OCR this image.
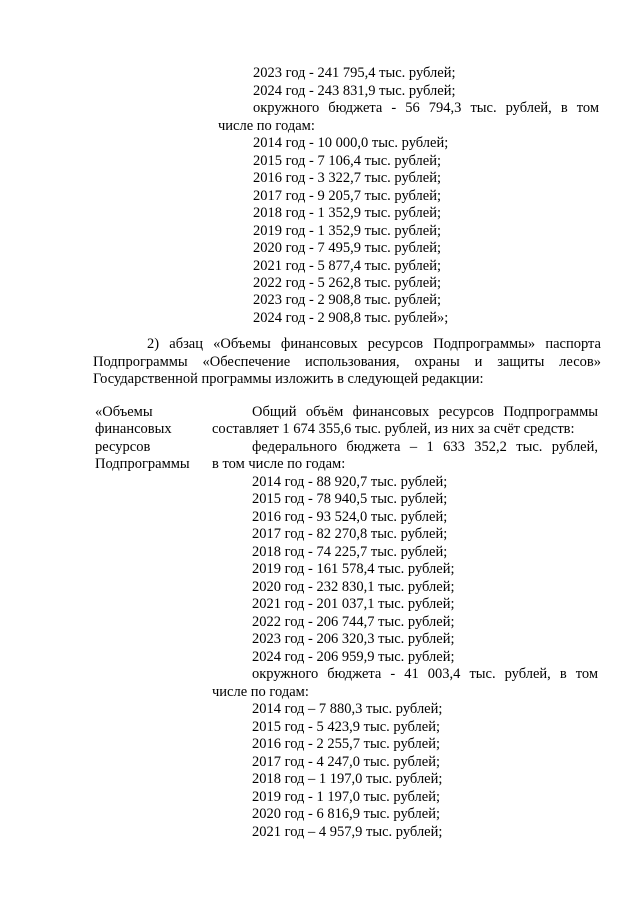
2023 год - 241 795,4 тыс. рублей;
2024 год - 243 831,9 тыс. рублей;
окружного бюджета - 56 794,3 тыс. рублей, в том
числе по годам:
2014 год - 10 000,0 тыс. рублей;
2015 год - 7 106,4 тыс. рублей;
2016 год - 3 322,7 тыс. рублей;
2017 год - 9 205,7 тыс. рублей;
2018 год - 1 352,9 тыс. рублей;
2019 год - 1 352,9 тыс. рублей;
2020 год - 7 495,9 тыс. рублей;
2021 год - 5 877,4 тыс. рублей;
2022 год - 5 262,8 тыс. рублей;
2023 год - 2 908,8 тыс. рублей;
2024 год - 2 908,8 тыс. рублей»;
2) абзац «Объемы финансовых ресурсов Подпрограммы» паспорта
Подпрограммы «Обеспечение использования, охраны и защиты лесов»
Государственной программы изложить в следующей редакции:
«Объемы
финансовых
ресурсов
Подпрограммы
Общий объём финансовых ресурсов Подпрограммы
составляет 1 674 355,6 тыс. рублей, из них за счёт средств:
федерального бюджета – 1 633 352,2 тыс. рублей,
в том числе по годам:
2014 год - 88 920,7 тыс. рублей;
2015 год - 78 940,5 тыс. рублей;
2016 год - 93 524,0 тыс. рублей;
2017 год - 82 270,8 тыс. рублей;
2018 год - 74 225,7 тыс. рублей;
2019 год - 161 578,4 тыс. рублей;
2020 год - 232 830,1 тыс. рублей;
2021 год - 201 037,1 тыс. рублей;
2022 год - 206 744,7 тыс. рублей;
2023 год - 206 320,3 тыс. рублей;
2024 год - 206 959,9 тыс. рублей;
окружного бюджета - 41 003,4 тыс. рублей, в том
числе по годам:
2014 год – 7 880,3 тыс. рублей;
2015 год - 5 423,9 тыс. рублей;
2016 год - 2 255,7 тыс. рублей;
2017 год - 4 247,0 тыс. рублей;
2018 год – 1 197,0 тыс. рублей;
2019 год - 1 197,0 тыс. рублей;
2020 год - 6 816,9 тыс. рублей;
2021 год – 4 957,9 тыс. рублей;
